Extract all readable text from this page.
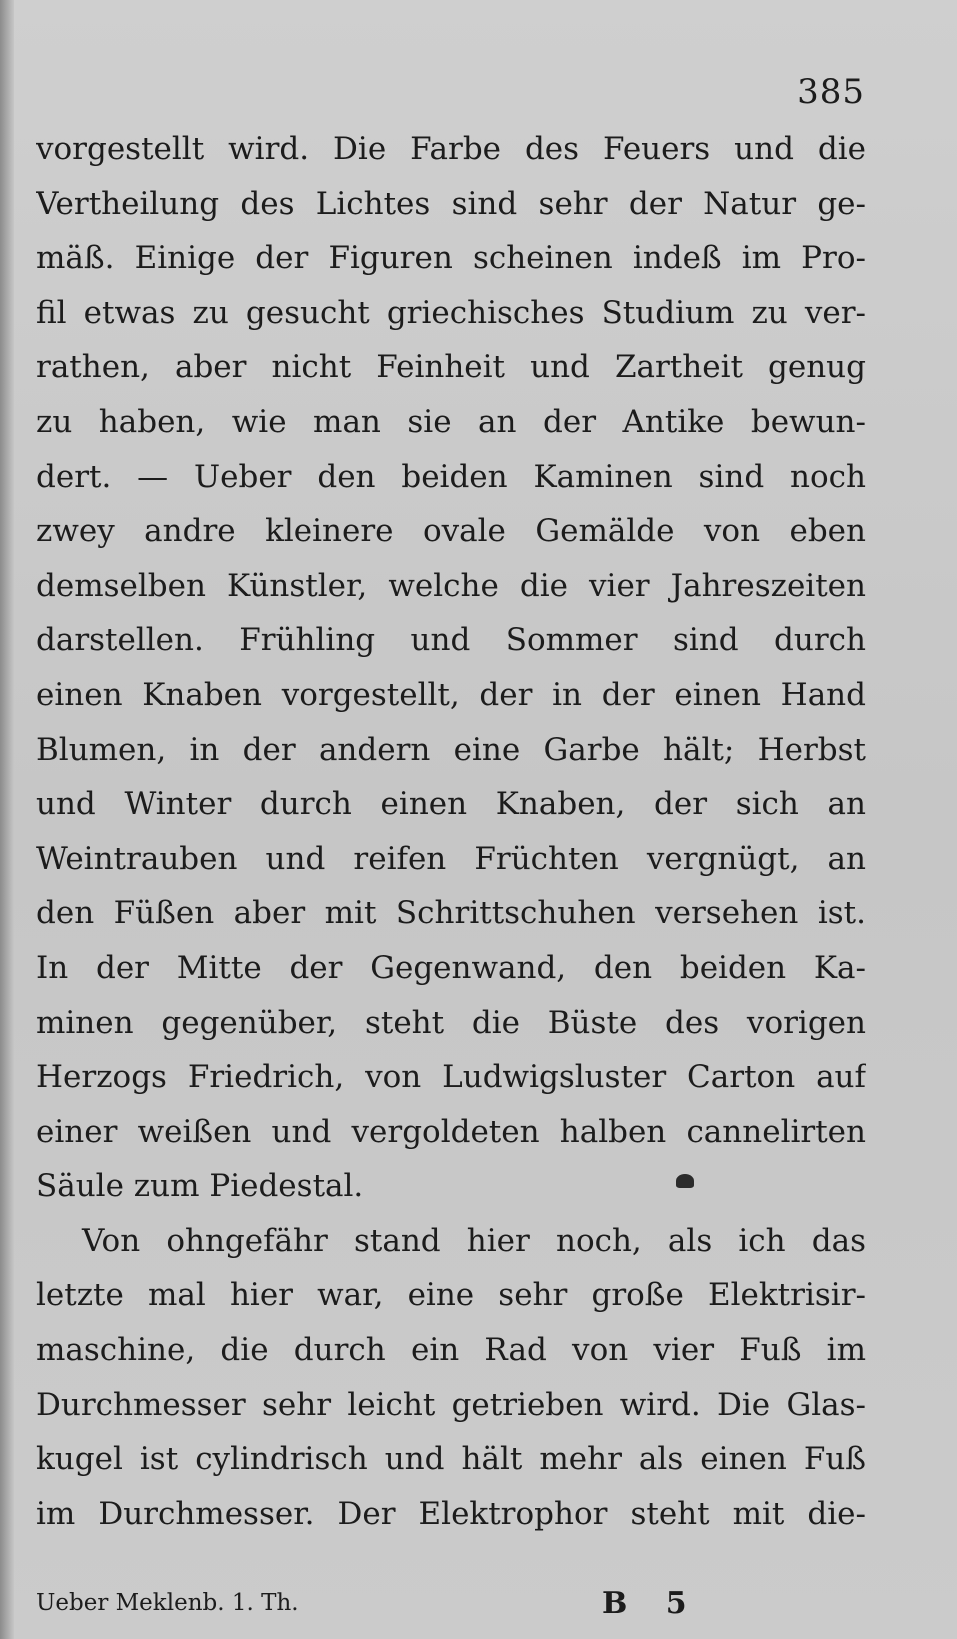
385
vorgestellt wird. Die Farbe des Feuers und die
Vertheilung des Lichtes sind sehr der Natur ge-
mäß. Einige der Figuren scheinen indeß im Pro-
fil etwas zu gesucht griechisches Studium zu ver-
rathen, aber nicht Feinheit und Zartheit genug
zu haben, wie man sie an der Antike bewun-
dert. — Ueber den beiden Kaminen sind noch
zwey andre kleinere ovale Gemälde von eben
demselben Künstler, welche die vier Jahreszeiten
darstellen. Frühling und Sommer sind durch
einen Knaben vorgestellt, der in der einen Hand
Blumen, in der andern eine Garbe hält; Herbst
und Winter durch einen Knaben, der sich an
Weintrauben und reifen Früchten vergnügt, an
den Füßen aber mit Schrittschuhen versehen ist.
In der Mitte der Gegenwand, den beiden Ka-
minen gegenüber, steht die Büste des vorigen
Herzogs Friedrich, von Ludwigsluster Carton auf
einer weißen und vergoldeten halben cannelirten
Säule zum Piedestal.
Von ohngefähr stand hier noch, als ich das
letzte mal hier war, eine sehr große Elektrisir-
maschine, die durch ein Rad von vier Fuß im
Durchmesser sehr leicht getrieben wird. Die Glas-
kugel ist cylindrisch und hält mehr als einen Fuß
im Durchmesser. Der Elektrophor steht mit die-
Ueber Meklenb. 1. Th.	B 5
